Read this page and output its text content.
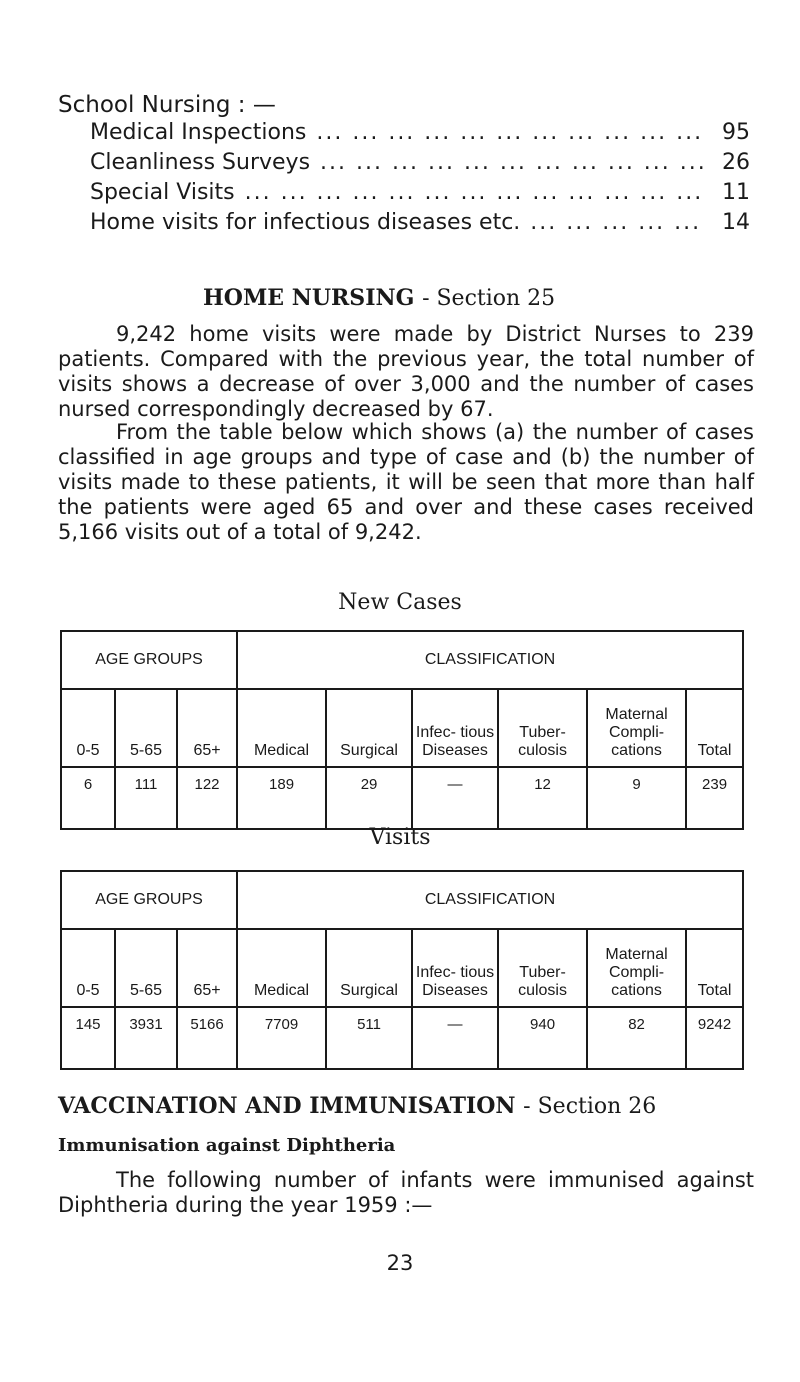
School Nursing : —
Medical Inspections ... .	95
Cleanliness Surveys ... .	26
Special Visits ... .	11
Home visits for infectious diseases etc. ... .	14
HOME NURSING - Section 25

9,242 home visits were made by District Nurses to 239 patients. Compared with the previous year, the total number of visits shows a decrease of over 3,000 and the number of cases nursed correspondingly decreased by 67.

From the table below which shows (a) the number of cases classified in age groups and type of case and (b) the number of visits made to these patients, it will be seen that more than half the patients were aged 65 and over and these cases received 5,166 visits out of a total of 9,242.

New Cases
AGE GROUPS			CLASSIFICATION					
0-5	5-65	65+	Medical	Surgical	Infec- tious Diseases	Tuber- culosis	Maternal Compli- cations	Total
6	111	122	189	29	—	12	9	239
Visits
AGE GROUPS			CLASSIFICATION					
0-5	5-65	65+	Medical	Surgical	Infec- tious Diseases	Tuber- culosis	Maternal Compli- cations	Total
145	3931	5166	7709	511	—	940	82	9242
VACCINATION AND IMMUNISATION - Section 26
Immunisation against Diphtheria

The following number of infants were immunised against Diphtheria during the year 1959 :—

23
